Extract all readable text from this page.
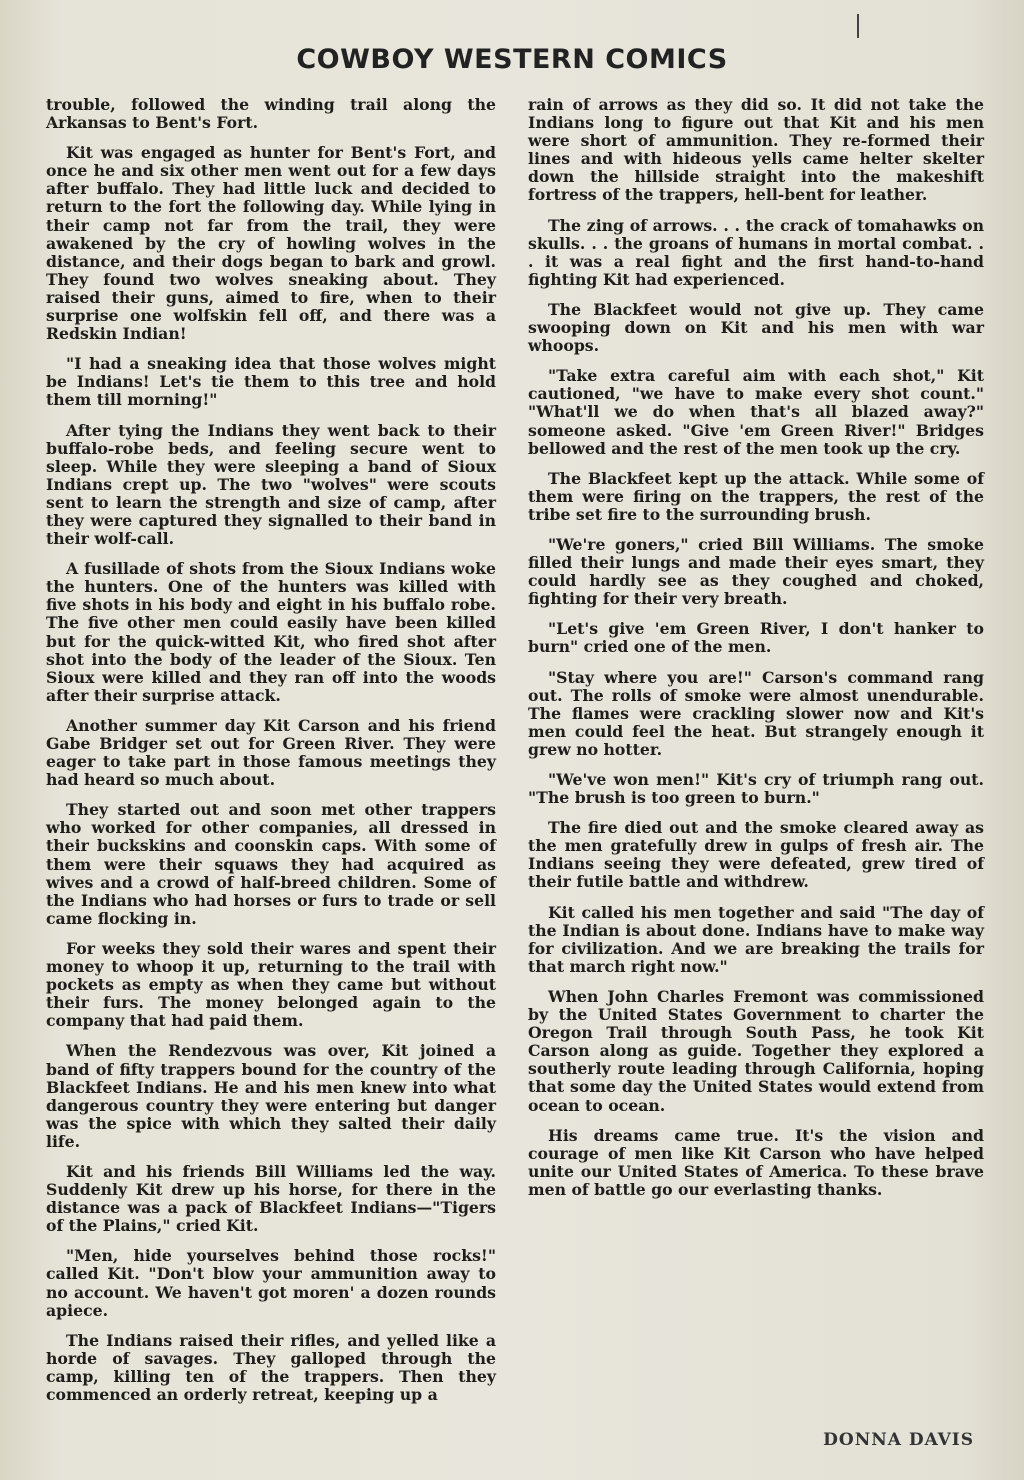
COWBOY WESTERN COMICS

trouble, followed the winding trail along the Arkansas to Bent's Fort.

Kit was engaged as hunter for Bent's Fort, and once he and six other men went out for a few days after buffalo. They had little luck and decided to return to the fort the following day. While lying in their camp not far from the trail, they were awakened by the cry of howling wolves in the distance, and their dogs began to bark and growl. They found two wolves sneaking about. They raised their guns, aimed to fire, when to their surprise one wolfskin fell off, and there was a Redskin Indian!

"I had a sneaking idea that those wolves might be Indians! Let's tie them to this tree and hold them till morning!"

After tying the Indians they went back to their buffalo-robe beds, and feeling secure went to sleep. While they were sleeping a band of Sioux Indians crept up. The two "wolves" were scouts sent to learn the strength and size of camp, after they were captured they signalled to their band in their wolf-call.

A fusillade of shots from the Sioux Indians woke the hunters. One of the hunters was killed with five shots in his body and eight in his buffalo robe. The five other men could easily have been killed but for the quick-witted Kit, who fired shot after shot into the body of the leader of the Sioux. Ten Sioux were killed and they ran off into the woods after their surprise attack.

Another summer day Kit Carson and his friend Gabe Bridger set out for Green River. They were eager to take part in those famous meetings they had heard so much about.

They started out and soon met other trappers who worked for other companies, all dressed in their buckskins and coonskin caps. With some of them were their squaws they had acquired as wives and a crowd of half-breed children. Some of the Indians who had horses or furs to trade or sell came flocking in.

For weeks they sold their wares and spent their money to whoop it up, returning to the trail with pockets as empty as when they came but without their furs. The money belonged again to the company that had paid them.

When the Rendezvous was over, Kit joined a band of fifty trappers bound for the country of the Blackfeet Indians. He and his men knew into what dangerous country they were entering but danger was the spice with which they salted their daily life.

Kit and his friends Bill Williams led the way. Suddenly Kit drew up his horse, for there in the distance was a pack of Blackfeet Indians—"Tigers of the Plains," cried Kit.

"Men, hide yourselves behind those rocks!" called Kit. "Don't blow your ammunition away to no account. We haven't got moren' a dozen rounds apiece.

The Indians raised their rifles, and yelled like a horde of savages. They galloped through the camp, killing ten of the trappers. Then they commenced an orderly retreat, keeping up a

rain of arrows as they did so. It did not take the Indians long to figure out that Kit and his men were short of ammunition. They re-formed their lines and with hideous yells came helter skelter down the hillside straight into the makeshift fortress of the trappers, hell-bent for leather.

The zing of arrows. . . the crack of tomahawks on skulls. . . the groans of humans in mortal combat. . . it was a real fight and the first hand-to-hand fighting Kit had experienced.

The Blackfeet would not give up. They came swooping down on Kit and his men with war whoops.

"Take extra careful aim with each shot," Kit cautioned, "we have to make every shot count." "What'll we do when that's all blazed away?" someone asked. "Give 'em Green River!" Bridges bellowed and the rest of the men took up the cry.

The Blackfeet kept up the attack. While some of them were firing on the trappers, the rest of the tribe set fire to the surrounding brush.

"We're goners," cried Bill Williams. The smoke filled their lungs and made their eyes smart, they could hardly see as they coughed and choked, fighting for their very breath.

"Let's give 'em Green River, I don't hanker to burn" cried one of the men.

"Stay where you are!" Carson's command rang out. The rolls of smoke were almost unendurable. The flames were crackling slower now and Kit's men could feel the heat. But strangely enough it grew no hotter.

"We've won men!" Kit's cry of triumph rang out. "The brush is too green to burn."

The fire died out and the smoke cleared away as the men gratefully drew in gulps of fresh air. The Indians seeing they were defeated, grew tired of their futile battle and withdrew.

Kit called his men together and said "The day of the Indian is about done. Indians have to make way for civilization. And we are breaking the trails for that march right now."

When John Charles Fremont was commissioned by the United States Government to charter the Oregon Trail through South Pass, he took Kit Carson along as guide. Together they explored a southerly route leading through California, hoping that some day the United States would extend from ocean to ocean.

His dreams came true. It's the vision and courage of men like Kit Carson who have helped unite our United States of America. To these brave men of battle go our everlasting thanks.

DONNA DAVIS
